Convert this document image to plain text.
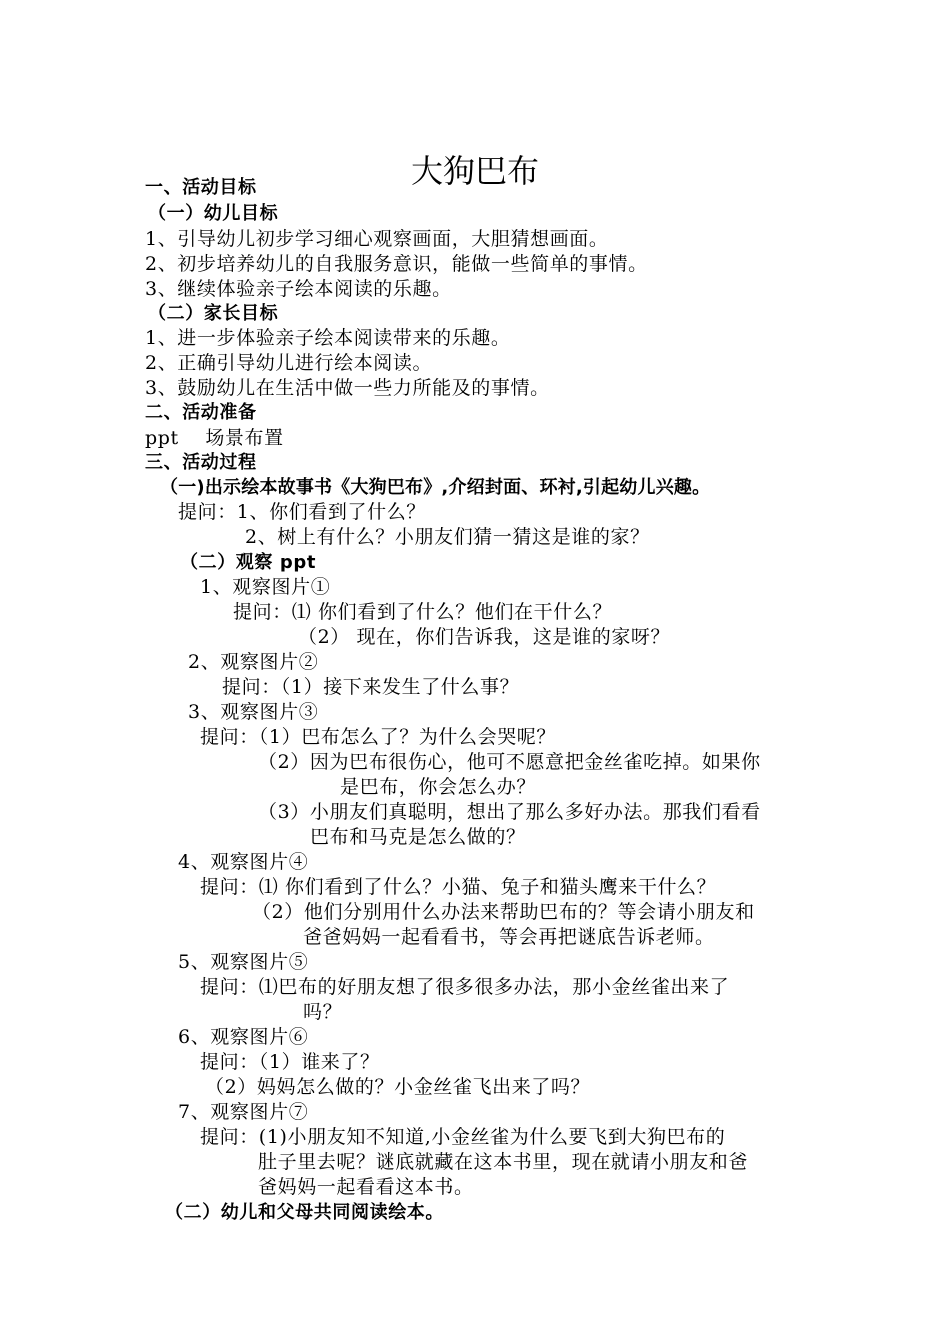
大狗巴布
一、活动目标
（一）幼儿目标
1、引导幼儿初步学习细心观察画面，大胆猜想画面。
2、初步培养幼儿的自我服务意识，能做一些简单的事情。
3、继续体验亲子绘本阅读的乐趣。
（二）家长目标
1、进一步体验亲子绘本阅读带来的乐趣。
2、正确引导幼儿进行绘本阅读。
3、鼓励幼儿在生活中做一些力所能及的事情。
二、活动准备
ppt    场景布置
三、活动过程
（一)出示绘本故事书《大狗巴布》,介绍封面、环衬,引起幼儿兴趣。
提问：1、你们看到了什么？
2、树上有什么？小朋友们猜一猜这是谁的家？
（二）观察 ppt
1、观察图片①
提问：⑴ 你们看到了什么？他们在干什么？
（2） 现在，你们告诉我，这是谁的家呀？
2、观察图片②
提问：（1）接下来发生了什么事？
3、观察图片③
提问：（1）巴布怎么了？为什么会哭呢？
（2）因为巴布很伤心，他可不愿意把金丝雀吃掉。如果你
是巴布，你会怎么办？
（3）小朋友们真聪明，想出了那么多好办法。那我们看看
巴布和马克是怎么做的？
4、观察图片④
提问：⑴ 你们看到了什么？小猫、兔子和猫头鹰来干什么？
（2）他们分别用什么办法来帮助巴布的？等会请小朋友和
爸爸妈妈一起看看书，等会再把谜底告诉老师。
5、观察图片⑤
提问：⑴巴布的好朋友想了很多很多办法，那小金丝雀出来了
吗？
6、观察图片⑥
提问：（1）谁来了？
（2）妈妈怎么做的？小金丝雀飞出来了吗？
7、观察图片⑦
提问：(1)小朋友知不知道,小金丝雀为什么要飞到大狗巴布的
肚子里去呢？谜底就藏在这本书里，现在就请小朋友和爸
爸妈妈一起看看这本书。
（二）幼儿和父母共同阅读绘本。
